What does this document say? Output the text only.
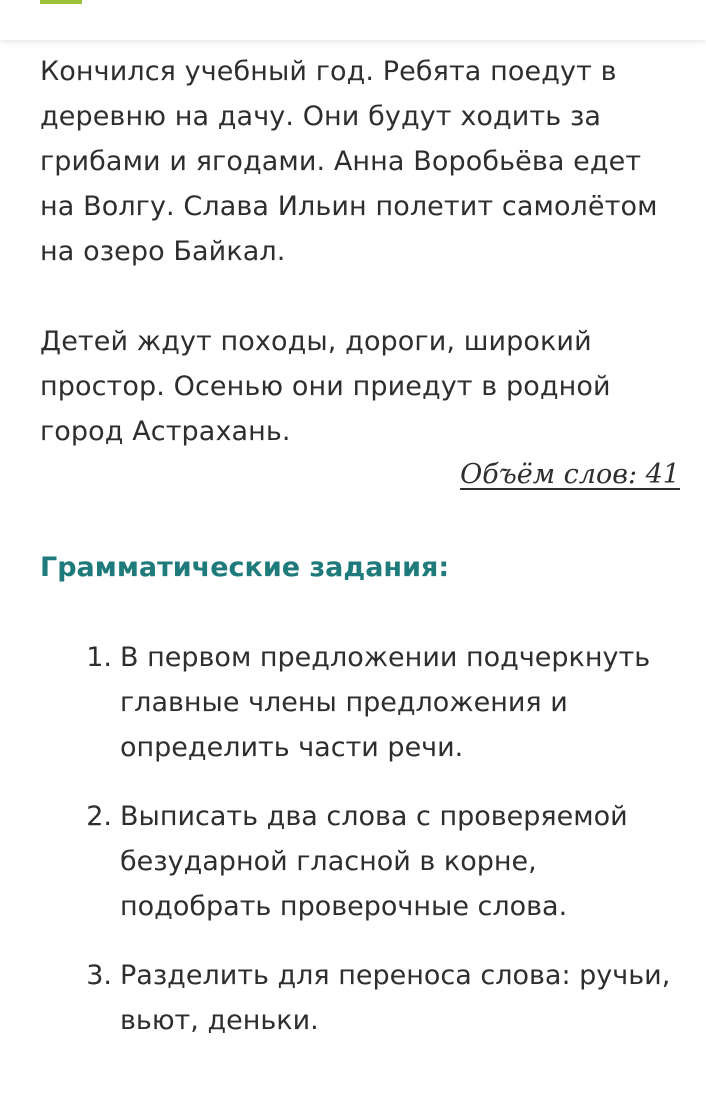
Кончился учебный год. Ребята поедут в деревню на дачу. Они будут ходить за грибами и ягодами. Анна Воробьёва едет на Волгу. Слава Ильин полетит самолётом на озеро Байкал.

Детей ждут походы, дороги, широкий простор. Осенью они приедут в родной город Астрахань.

Объём слов: 41
Грамматические задания:
1. В первом предложении подчеркнуть главные члены предложения и определить части речи.
2. Выписать два слова с проверяемой безударной гласной в корне, подобрать проверочные слова.
3. Разделить для переноса слова: ручьи, вьют, деньки.
